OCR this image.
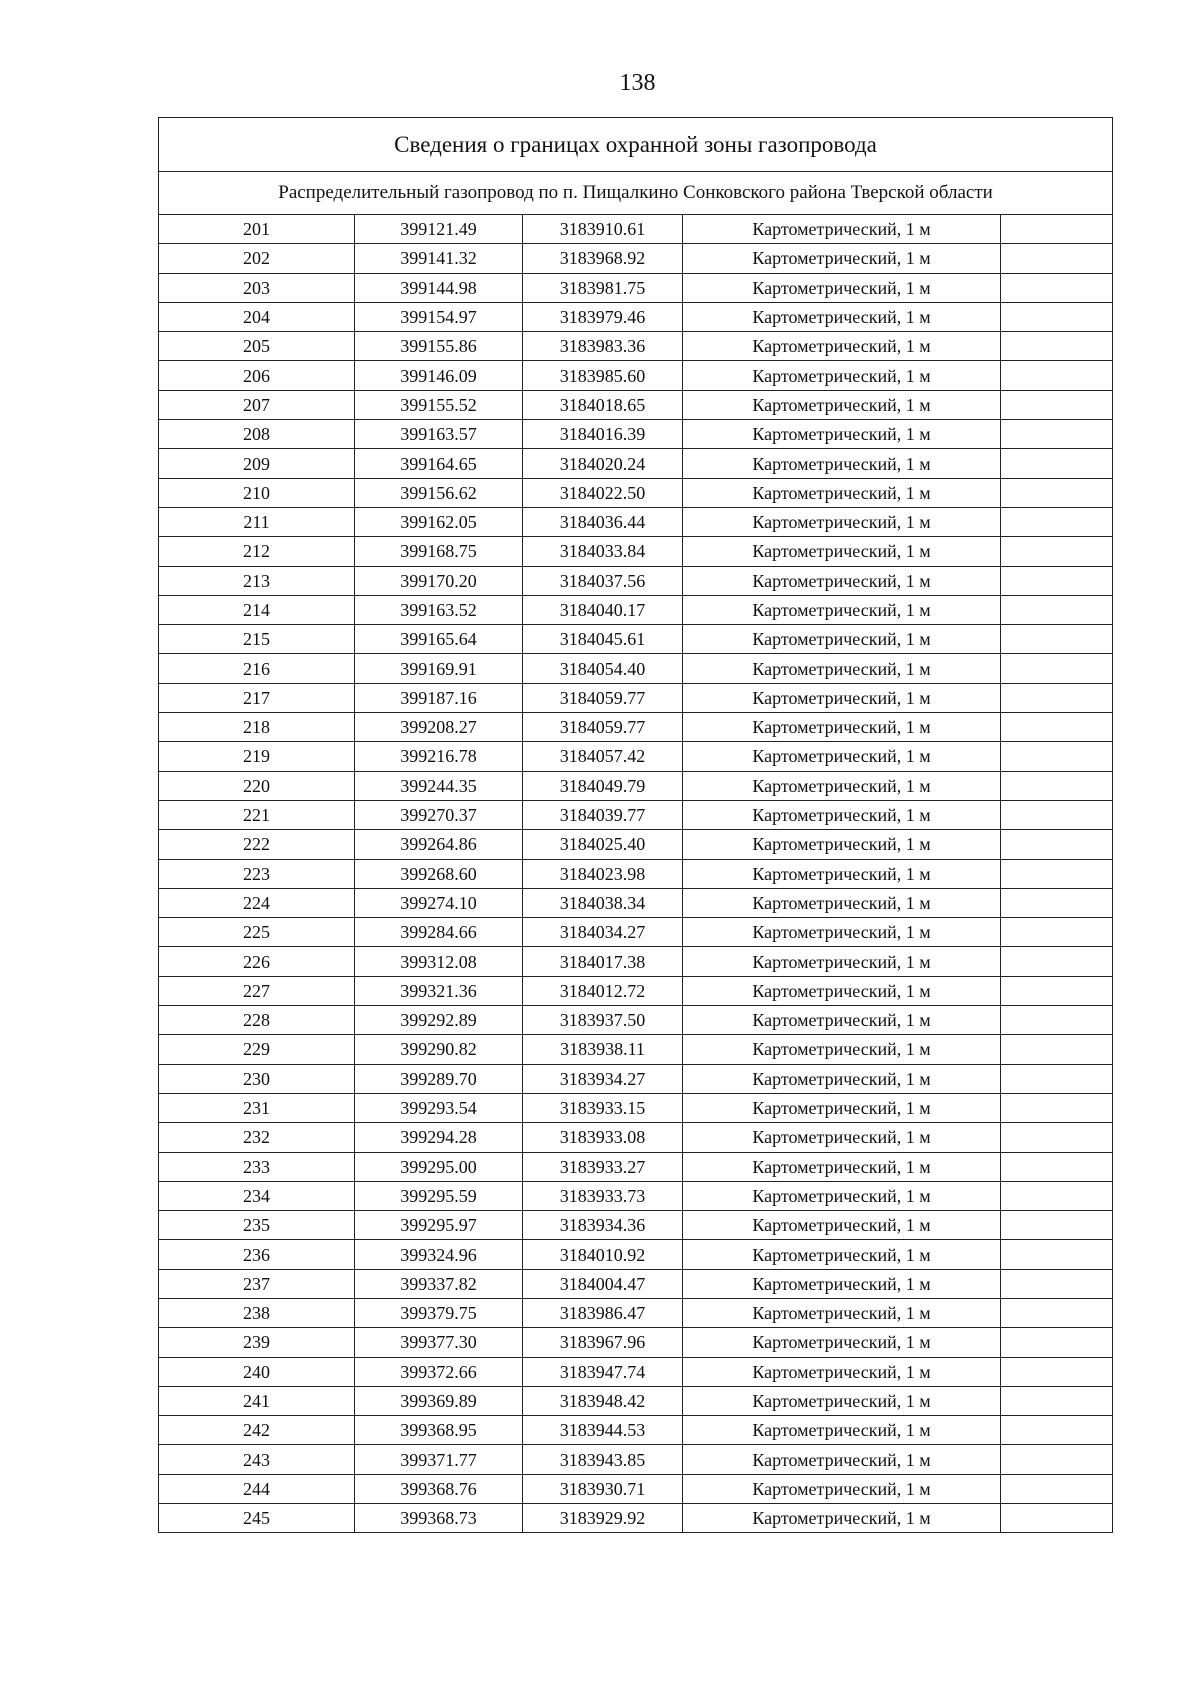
138
Сведения о границах охранной зоны газопровода				
Распределительный газопровод по п. Пищалкино Сонковского района Тверской области				
201	399121.49	3183910.61	Картометрический, 1 м	
202	399141.32	3183968.92	Картометрический, 1 м	
203	399144.98	3183981.75	Картометрический, 1 м	
204	399154.97	3183979.46	Картометрический, 1 м	
205	399155.86	3183983.36	Картометрический, 1 м	
206	399146.09	3183985.60	Картометрический, 1 м	
207	399155.52	3184018.65	Картометрический, 1 м	
208	399163.57	3184016.39	Картометрический, 1 м	
209	399164.65	3184020.24	Картометрический, 1 м	
210	399156.62	3184022.50	Картометрический, 1 м	
211	399162.05	3184036.44	Картометрический, 1 м	
212	399168.75	3184033.84	Картометрический, 1 м	
213	399170.20	3184037.56	Картометрический, 1 м	
214	399163.52	3184040.17	Картометрический, 1 м	
215	399165.64	3184045.61	Картометрический, 1 м	
216	399169.91	3184054.40	Картометрический, 1 м	
217	399187.16	3184059.77	Картометрический, 1 м	
218	399208.27	3184059.77	Картометрический, 1 м	
219	399216.78	3184057.42	Картометрический, 1 м	
220	399244.35	3184049.79	Картометрический, 1 м	
221	399270.37	3184039.77	Картометрический, 1 м	
222	399264.86	3184025.40	Картометрический, 1 м	
223	399268.60	3184023.98	Картометрический, 1 м	
224	399274.10	3184038.34	Картометрический, 1 м	
225	399284.66	3184034.27	Картометрический, 1 м	
226	399312.08	3184017.38	Картометрический, 1 м	
227	399321.36	3184012.72	Картометрический, 1 м	
228	399292.89	3183937.50	Картометрический, 1 м	
229	399290.82	3183938.11	Картометрический, 1 м	
230	399289.70	3183934.27	Картометрический, 1 м	
231	399293.54	3183933.15	Картометрический, 1 м	
232	399294.28	3183933.08	Картометрический, 1 м	
233	399295.00	3183933.27	Картометрический, 1 м	
234	399295.59	3183933.73	Картометрический, 1 м	
235	399295.97	3183934.36	Картометрический, 1 м	
236	399324.96	3184010.92	Картометрический, 1 м	
237	399337.82	3184004.47	Картометрический, 1 м	
238	399379.75	3183986.47	Картометрический, 1 м	
239	399377.30	3183967.96	Картометрический, 1 м	
240	399372.66	3183947.74	Картометрический, 1 м	
241	399369.89	3183948.42	Картометрический, 1 м	
242	399368.95	3183944.53	Картометрический, 1 м	
243	399371.77	3183943.85	Картометрический, 1 м	
244	399368.76	3183930.71	Картометрический, 1 м	
245	399368.73	3183929.92	Картометрический, 1 м	
